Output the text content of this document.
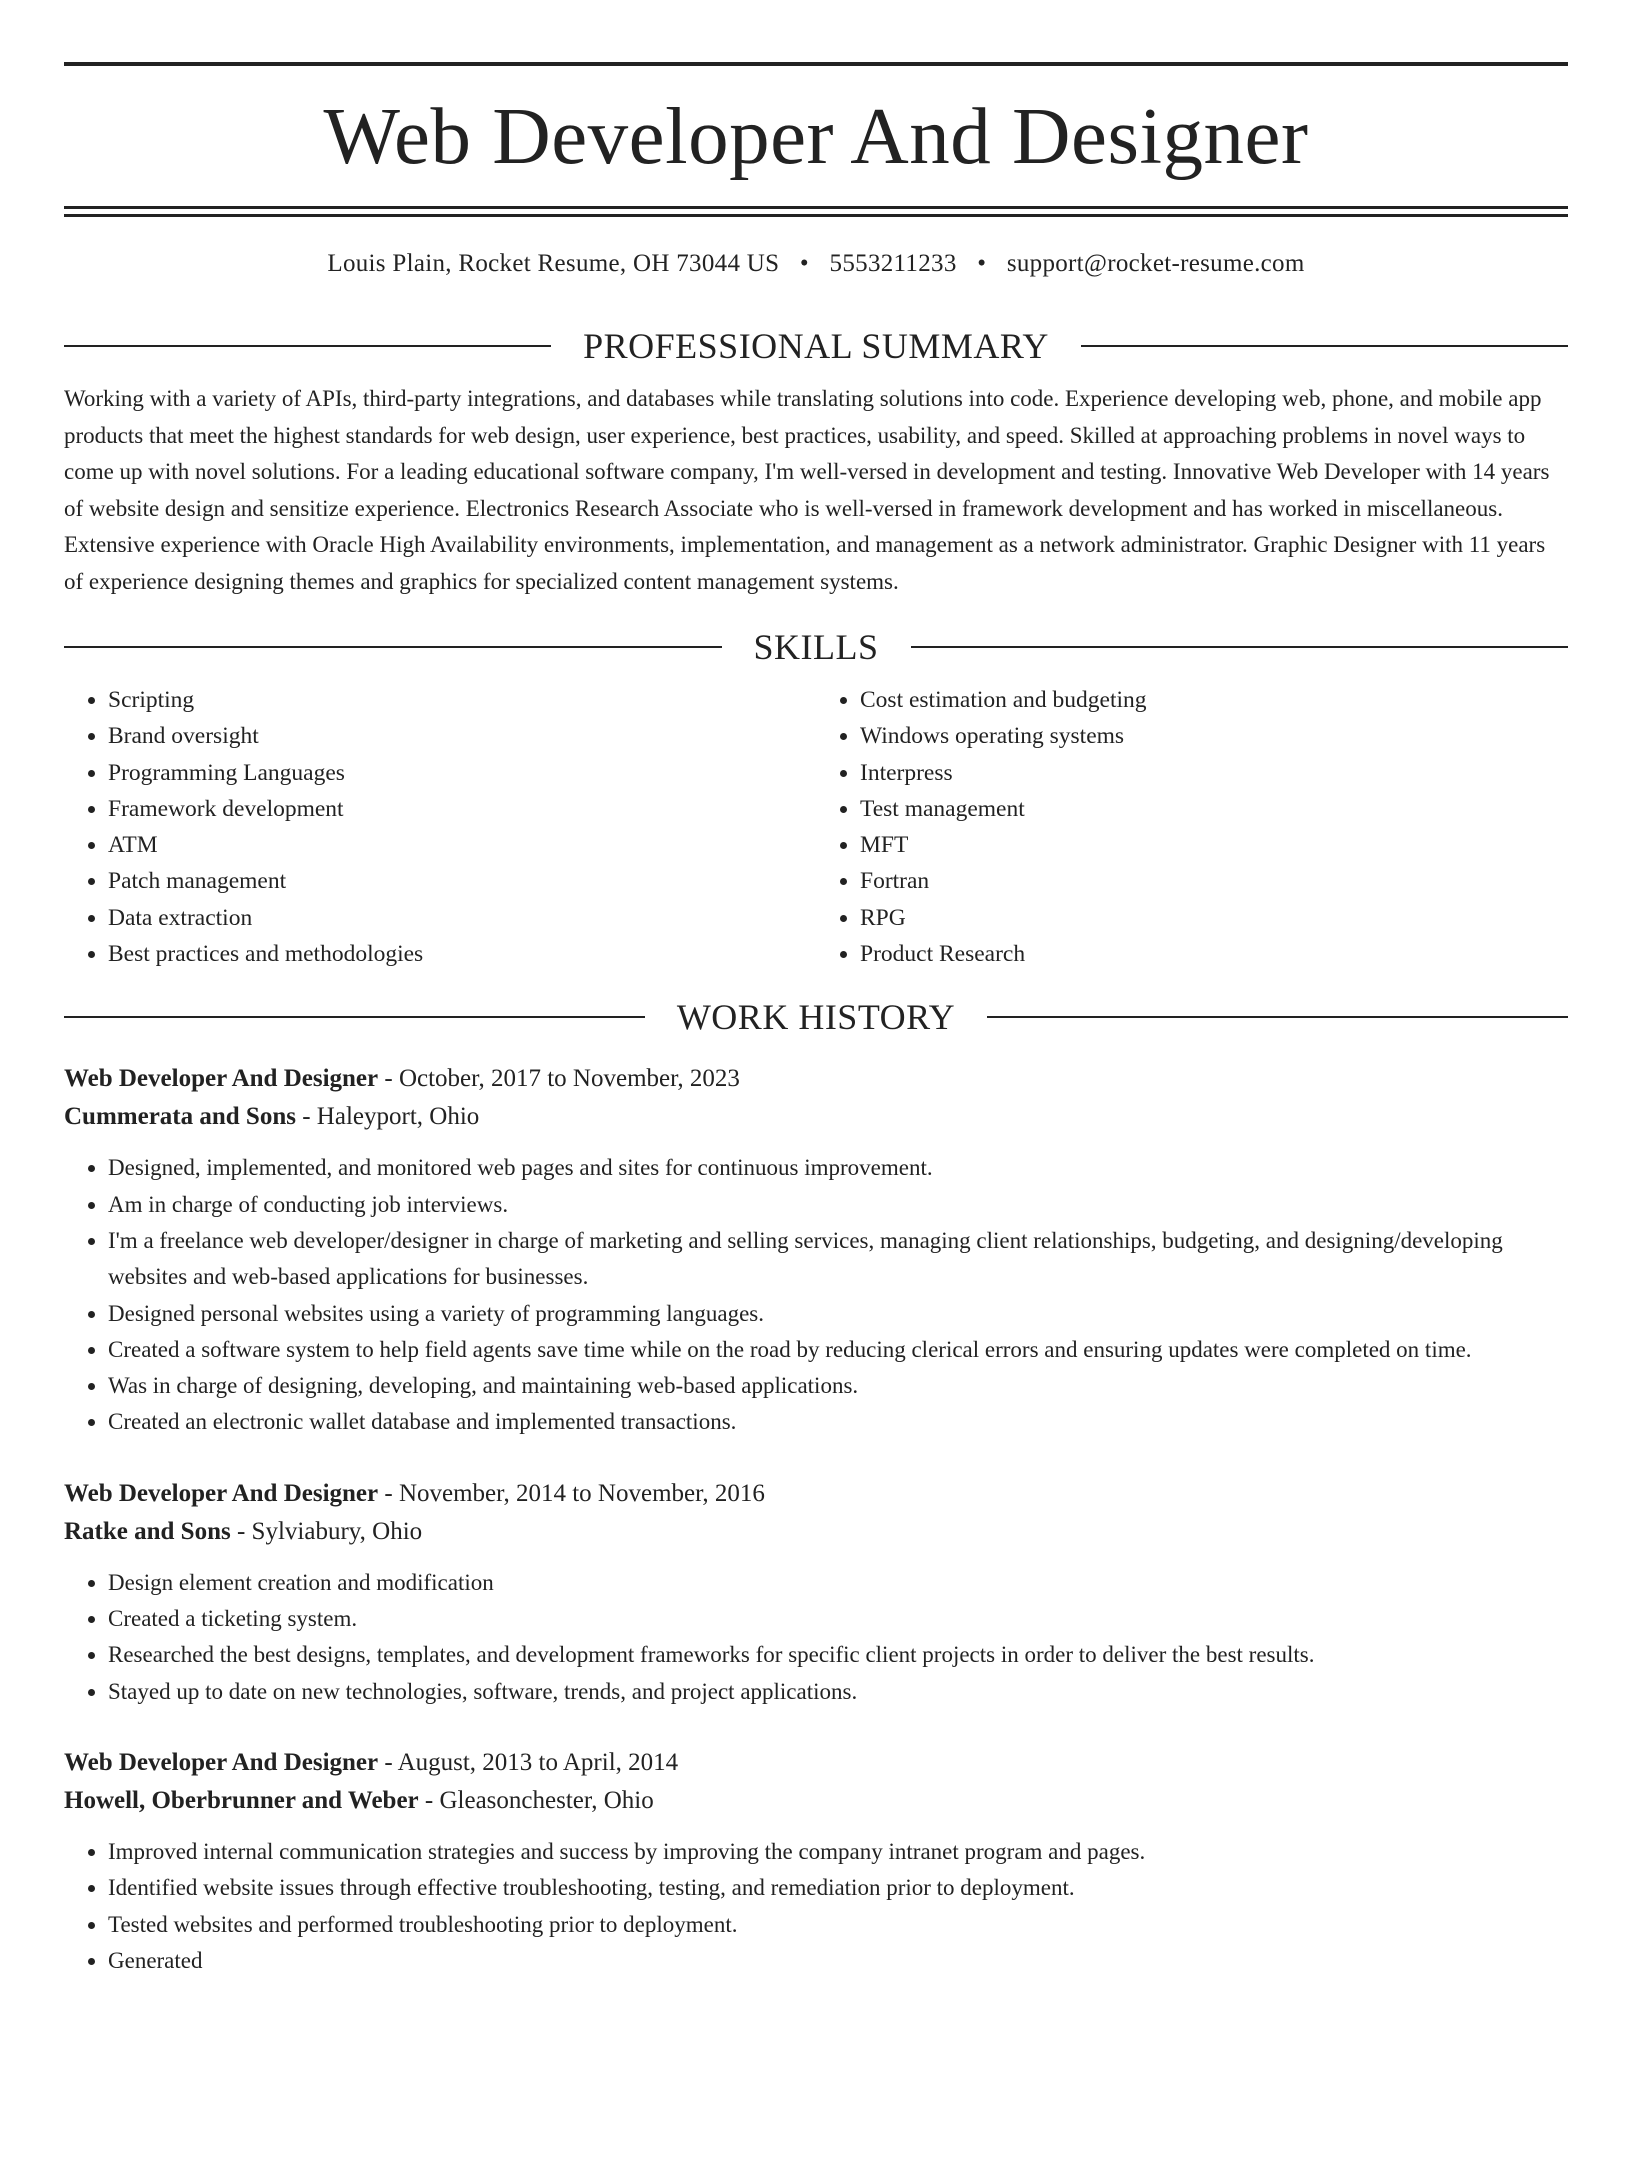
Web Developer And Designer
Louis Plain, Rocket Resume, OH 73044 US • 5553211233 • support@rocket-resume.com
PROFESSIONAL SUMMARY
Working with a variety of APIs, third-party integrations, and databases while translating solutions into code. Experience developing web, phone, and mobile app products that meet the highest standards for web design, user experience, best practices, usability, and speed. Skilled at approaching problems in novel ways to come up with novel solutions. For a leading educational software company, I'm well-versed in development and testing. Innovative Web Developer with 14 years of website design and sensitize experience. Electronics Research Associate who is well-versed in framework development and has worked in miscellaneous. Extensive experience with Oracle High Availability environments, implementation, and management as a network administrator. Graphic Designer with 11 years of experience designing themes and graphics for specialized content management systems.
SKILLS
• Scripting
• Brand oversight
• Programming Languages
• Framework development
• ATM
• Patch management
• Data extraction
• Best practices and methodologies
• Cost estimation and budgeting
• Windows operating systems
• Interpress
• Test management
• MFT
• Fortran
• RPG
• Product Research
WORK HISTORY
Web Developer And Designer - October, 2017 to November, 2023
Cummerata and Sons - Haleyport, Ohio
• Designed, implemented, and monitored web pages and sites for continuous improvement.
• Am in charge of conducting job interviews.
• I'm a freelance web developer/designer in charge of marketing and selling services, managing client relationships, budgeting, and designing/developing websites and web-based applications for businesses.
• Designed personal websites using a variety of programming languages.
• Created a software system to help field agents save time while on the road by reducing clerical errors and ensuring updates were completed on time.
• Was in charge of designing, developing, and maintaining web-based applications.
• Created an electronic wallet database and implemented transactions.
Web Developer And Designer - November, 2014 to November, 2016
Ratke and Sons - Sylviabury, Ohio
• Design element creation and modification
• Created a ticketing system.
• Researched the best designs, templates, and development frameworks for specific client projects in order to deliver the best results.
• Stayed up to date on new technologies, software, trends, and project applications.
Web Developer And Designer - August, 2013 to April, 2014
Howell, Oberbrunner and Weber - Gleasonchester, Ohio
• Improved internal communication strategies and success by improving the company intranet program and pages.
• Identified website issues through effective troubleshooting, testing, and remediation prior to deployment.
• Tested websites and performed troubleshooting prior to deployment.
• Generated
